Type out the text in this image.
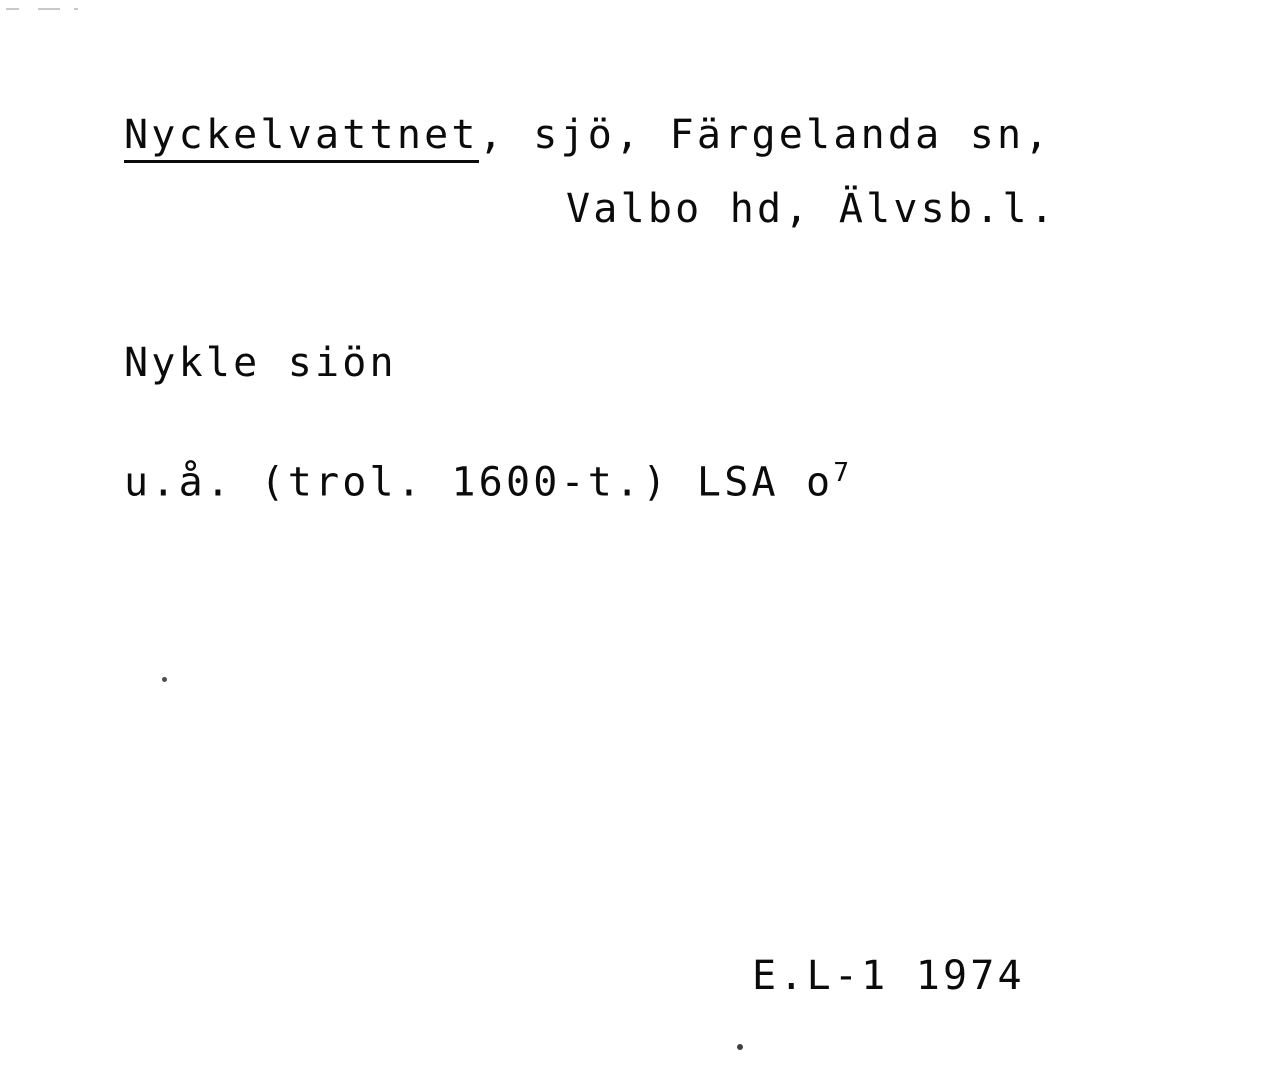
Nyckelvattnet, sjö, Färgelanda sn,
Valbo hd, Älvsb.l.
Nykle siön
u.å. (trol. 1600-t.) LSA $o^7$
E.L-1 1974
